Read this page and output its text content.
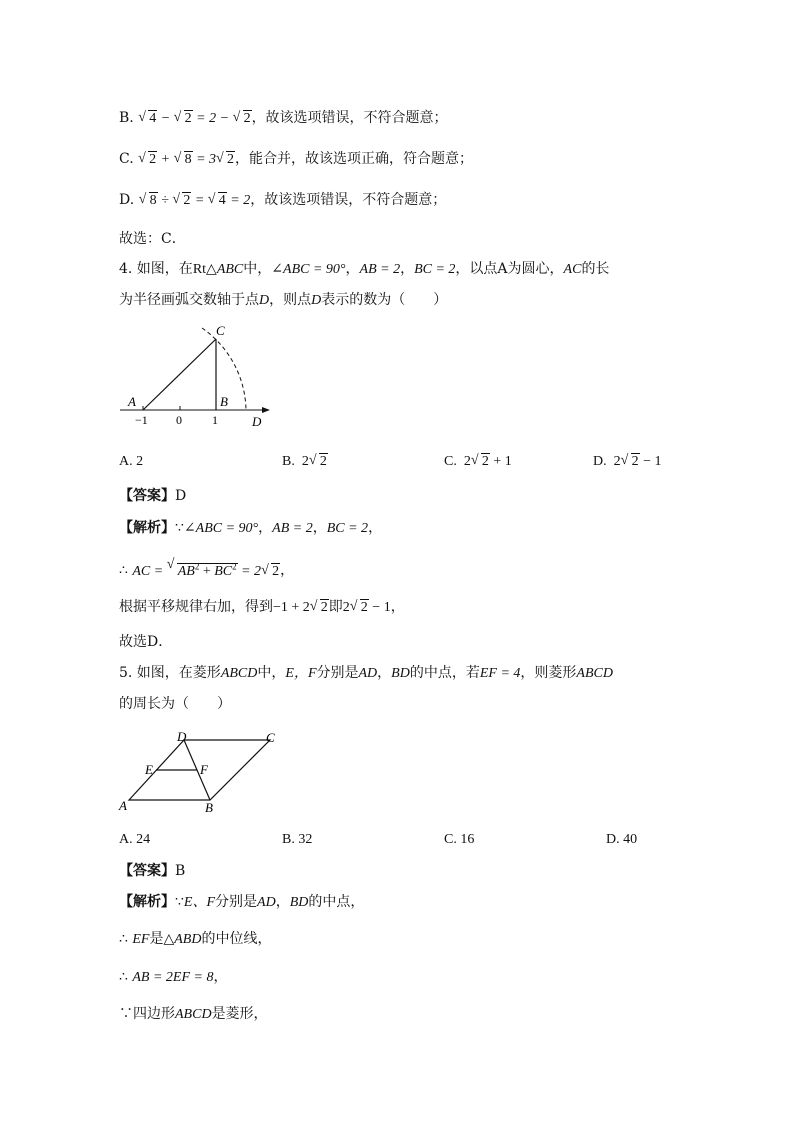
B. √ 4 − √ 2 = 2 − √ 2，故该选项错误，不符合题意；
C. √ 2 + √ 8 = 3√ 2，能合并，故该选项正确，符合题意；
D. √ 8 ÷ √ 2 = √ 4 = 2，故该选项错误，不符合题意；
故选：C．
4. 如图，在Rt△ABC中，∠ABC = 90°，AB = 2，BC = 2，以点A为圆心，AC的长
为半径画弧交数轴于点D，则点D表示的数为（　　）
C
A	B
D
−1 0	1
A. 2	B.  2√ 2	C.  2√ 2 + 1	D.  2√ 2 − 1
【答案】D
【解析】∵∠ABC = 90°，AB = 2，BC = 2，
∴ AC = √ $AB^2 + BC^2 = 2√$ 2，
根据平移规律右加，得到−1 + 2√ 2即2√ 2 − 1，
故选D．
5. 如图，在菱形ABCD中，E，F分别是AD，BD的中点，若EF = 4，则菱形ABCD
的周长为（　　）
A	B
C
D
E	F
A. 24	B. 32	C. 16	D. 40
【答案】B
【解析】∵E、F分别是AD，BD的中点，
∴ EF是△ABD的中位线，
∴ AB = 2EF = 8，
∵四边形ABCD是菱形，
